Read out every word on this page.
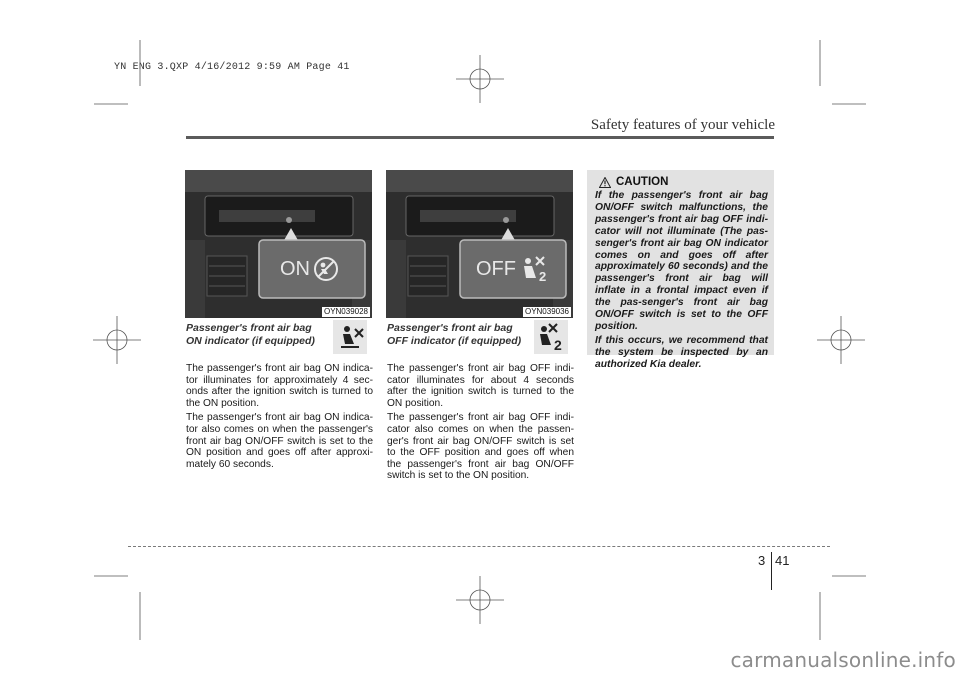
YN ENG 3.QXP 4/16/2012 9:59 AM Page 41
Safety features of your vehicle
ON
OYN039028
Passenger's front air bag
ON indicator (if equipped)

The passenger's front air bag ON indica-tor illuminates for approximately 4 sec-onds after the ignition switch is turned to the ON position.

The passenger's front air bag ON indica-tor also comes on when the passenger's front air bag ON/OFF switch is set to the ON position and goes off after approxi-mately 60 seconds.

OFF 2
OYN039036
Passenger's front air bag
OFF indicator (if equipped) 2

The passenger's front air bag OFF indi-cator illuminates for about 4 seconds after the ignition switch is turned to the ON position.

The passenger's front air bag OFF indi-cator also comes on when the passen-ger's front air bag ON/OFF switch is set to the OFF position and goes off when the passenger's front air bag ON/OFF switch is set to the ON position.

CAUTION

If the passenger's front air bag ON/OFF switch malfunctions, the passenger's front air bag OFF indi-cator will not illuminate (The pas-senger's front air bag ON indicator comes on and goes off after approximately 60 seconds) and the passenger's front air bag will inflate in a frontal impact even if the pas-senger's front air bag ON/OFF switch is set to the OFF position.

If this occurs, we recommend that the system be inspected by an authorized Kia dealer.

3 41
carmanualsonline.info
